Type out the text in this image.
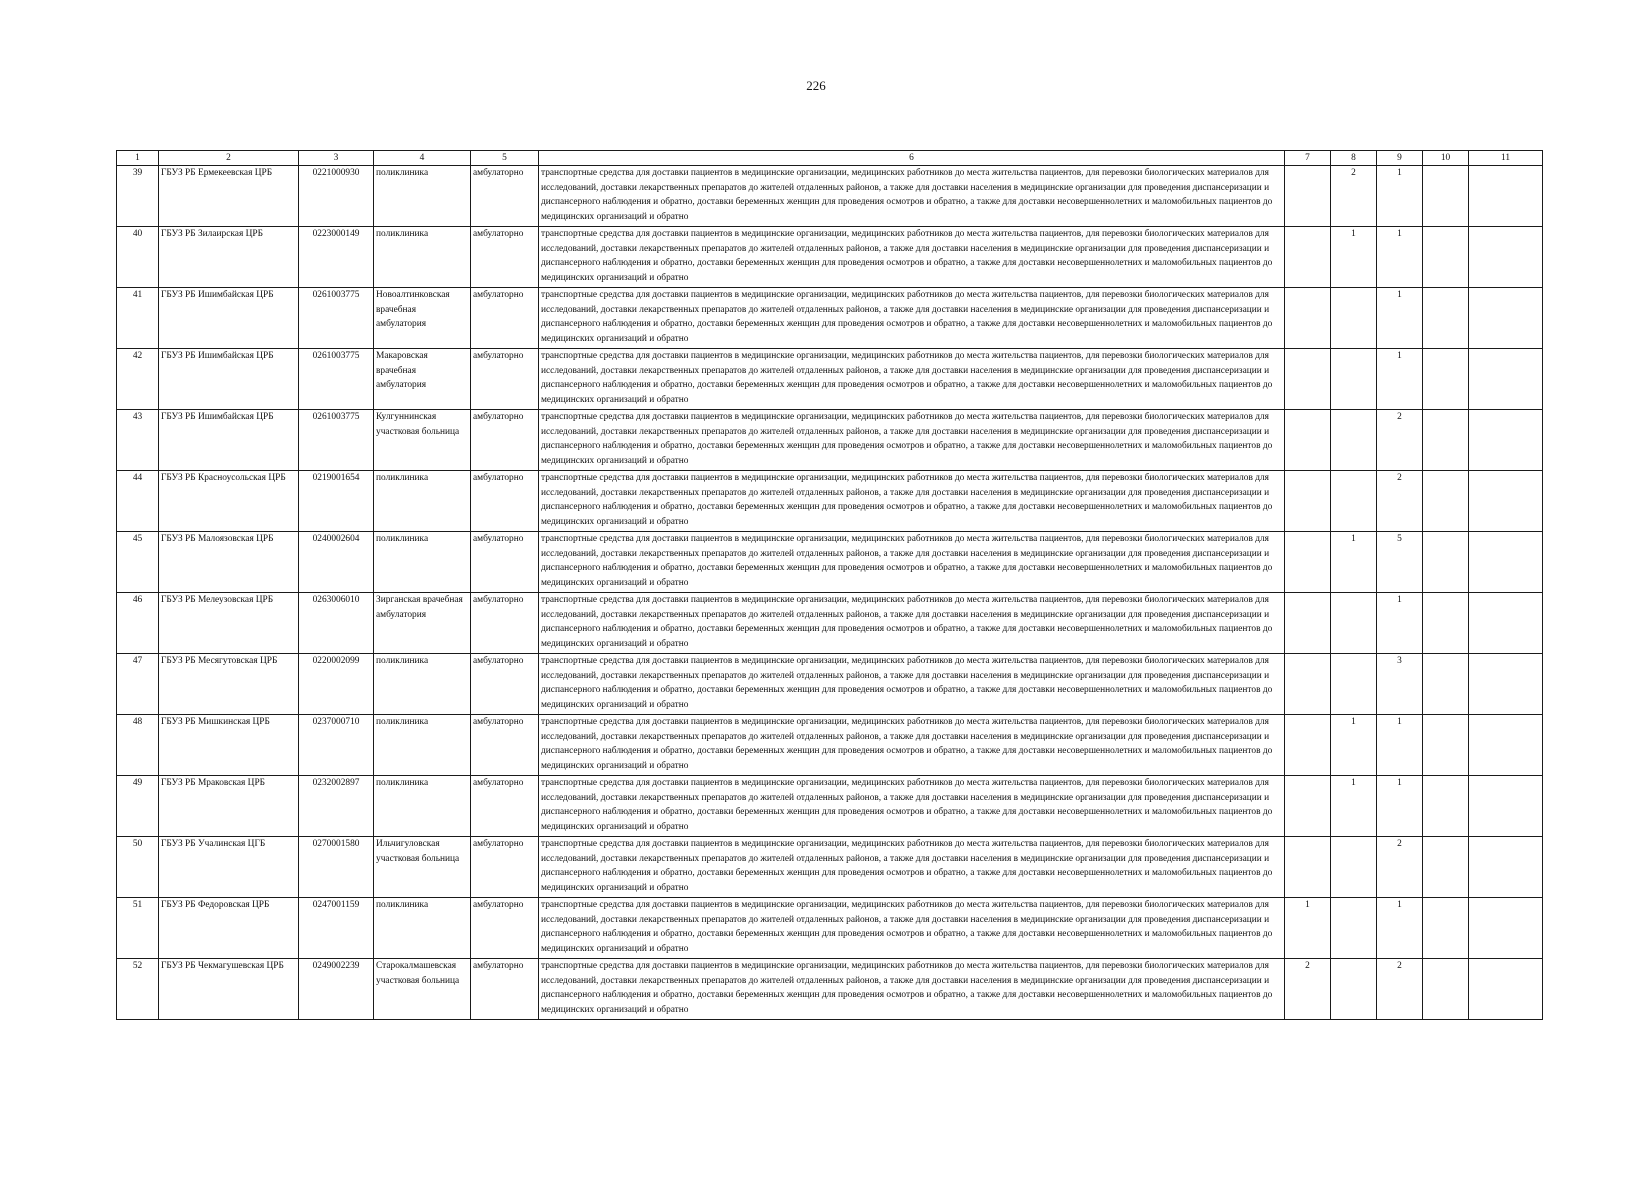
226
1	2	3	4	5	6	7	8	9	10	11
39	ГБУЗ РБ Ермекеевская ЦРБ	0221000930	поликлиника	амбулаторно	транспортные средства для доставки пациентов в медицинские организации, медицинских работников до места жительства пациентов, для перевозки биологических материалов для исследований, доставки лекарственных препаратов до жителей отдаленных районов, а также для доставки населения в медицинские организации для проведения диспансеризации и диспансерного наблюдения и обратно, доставки беременных женщин для проведения осмотров и обратно, а также для доставки несовершеннолетних и маломобильных пациентов до медицинских организаций и обратно		2	1		
40	ГБУЗ РБ Зилаирская ЦРБ	0223000149	поликлиника	амбулаторно	транспортные средства для доставки пациентов в медицинские организации, медицинских работников до места жительства пациентов, для перевозки биологических материалов для исследований, доставки лекарственных препаратов до жителей отдаленных районов, а также для доставки населения в медицинские организации для проведения диспансеризации и диспансерного наблюдения и обратно, доставки беременных женщин для проведения осмотров и обратно, а также для доставки несовершеннолетних и маломобильных пациентов до медицинских организаций и обратно		1	1		
41	ГБУЗ РБ Ишимбайская ЦРБ	0261003775	Новоалтинковская врачебная амбулатория	амбулаторно	транспортные средства для доставки пациентов в медицинские организации, медицинских работников до места жительства пациентов, для перевозки биологических материалов для исследований, доставки лекарственных препаратов до жителей отдаленных районов, а также для доставки населения в медицинские организации для проведения диспансеризации и диспансерного наблюдения и обратно, доставки беременных женщин для проведения осмотров и обратно, а также для доставки несовершеннолетних и маломобильных пациентов до медицинских организаций и обратно			1		
42	ГБУЗ РБ Ишимбайская ЦРБ	0261003775	Макаровская врачебная амбулатория	амбулаторно	транспортные средства для доставки пациентов в медицинские организации, медицинских работников до места жительства пациентов, для перевозки биологических материалов для исследований, доставки лекарственных препаратов до жителей отдаленных районов, а также для доставки населения в медицинские организации для проведения диспансеризации и диспансерного наблюдения и обратно, доставки беременных женщин для проведения осмотров и обратно, а также для доставки несовершеннолетних и маломобильных пациентов до медицинских организаций и обратно			1		
43	ГБУЗ РБ Ишимбайская ЦРБ	0261003775	Кулгуннинская участковая больница	амбулаторно	транспортные средства для доставки пациентов в медицинские организации, медицинских работников до места жительства пациентов, для перевозки биологических материалов для исследований, доставки лекарственных препаратов до жителей отдаленных районов, а также для доставки населения в медицинские организации для проведения диспансеризации и диспансерного наблюдения и обратно, доставки беременных женщин для проведения осмотров и обратно, а также для доставки несовершеннолетних и маломобильных пациентов до медицинских организаций и обратно			2		
44	ГБУЗ РБ Красноусольская ЦРБ	0219001654	поликлиника	амбулаторно	транспортные средства для доставки пациентов в медицинские организации, медицинских работников до места жительства пациентов, для перевозки биологических материалов для исследований, доставки лекарственных препаратов до жителей отдаленных районов, а также для доставки населения в медицинские организации для проведения диспансеризации и диспансерного наблюдения и обратно, доставки беременных женщин для проведения осмотров и обратно, а также для доставки несовершеннолетних и маломобильных пациентов до медицинских организаций и обратно			2		
45	ГБУЗ РБ Малоязовская ЦРБ	0240002604	поликлиника	амбулаторно	транспортные средства для доставки пациентов в медицинские организации, медицинских работников до места жительства пациентов, для перевозки биологических материалов для исследований, доставки лекарственных препаратов до жителей отдаленных районов, а также для доставки населения в медицинские организации для проведения диспансеризации и диспансерного наблюдения и обратно, доставки беременных женщин для проведения осмотров и обратно, а также для доставки несовершеннолетних и маломобильных пациентов до медицинских организаций и обратно		1	5		
46	ГБУЗ РБ Мелеузовская ЦРБ	0263006010	Зирганская врачебная амбулатория	амбулаторно	транспортные средства для доставки пациентов в медицинские организации, медицинских работников до места жительства пациентов, для перевозки биологических материалов для исследований, доставки лекарственных препаратов до жителей отдаленных районов, а также для доставки населения в медицинские организации для проведения диспансеризации и диспансерного наблюдения и обратно, доставки беременных женщин для проведения осмотров и обратно, а также для доставки несовершеннолетних и маломобильных пациентов до медицинских организаций и обратно			1		
47	ГБУЗ РБ Месягутовская ЦРБ	0220002099	поликлиника	амбулаторно	транспортные средства для доставки пациентов в медицинские организации, медицинских работников до места жительства пациентов, для перевозки биологических материалов для исследований, доставки лекарственных препаратов до жителей отдаленных районов, а также для доставки населения в медицинские организации для проведения диспансеризации и диспансерного наблюдения и обратно, доставки беременных женщин для проведения осмотров и обратно, а также для доставки несовершеннолетних и маломобильных пациентов до медицинских организаций и обратно			3		
48	ГБУЗ РБ Мишкинская ЦРБ	0237000710	поликлиника	амбулаторно	транспортные средства для доставки пациентов в медицинские организации, медицинских работников до места жительства пациентов, для перевозки биологических материалов для исследований, доставки лекарственных препаратов до жителей отдаленных районов, а также для доставки населения в медицинские организации для проведения диспансеризации и диспансерного наблюдения и обратно, доставки беременных женщин для проведения осмотров и обратно, а также для доставки несовершеннолетних и маломобильных пациентов до медицинских организаций и обратно		1	1		
49	ГБУЗ РБ Мраковская ЦРБ	0232002897	поликлиника	амбулаторно	транспортные средства для доставки пациентов в медицинские организации, медицинских работников до места жительства пациентов, для перевозки биологических материалов для исследований, доставки лекарственных препаратов до жителей отдаленных районов, а также для доставки населения в медицинские организации для проведения диспансеризации и диспансерного наблюдения и обратно, доставки беременных женщин для проведения осмотров и обратно, а также для доставки несовершеннолетних и маломобильных пациентов до медицинских организаций и обратно		1	1		
50	ГБУЗ РБ Учалинская ЦГБ	0270001580	Ильчигуловская участковая больница	амбулаторно	транспортные средства для доставки пациентов в медицинские организации, медицинских работников до места жительства пациентов, для перевозки биологических материалов для исследований, доставки лекарственных препаратов до жителей отдаленных районов, а также для доставки населения в медицинские организации для проведения диспансеризации и диспансерного наблюдения и обратно, доставки беременных женщин для проведения осмотров и обратно, а также для доставки несовершеннолетних и маломобильных пациентов до медицинских организаций и обратно			2		
51	ГБУЗ РБ Федоровская ЦРБ	0247001159	поликлиника	амбулаторно	транспортные средства для доставки пациентов в медицинские организации, медицинских работников до места жительства пациентов, для перевозки биологических материалов для исследований, доставки лекарственных препаратов до жителей отдаленных районов, а также для доставки населения в медицинские организации для проведения диспансеризации и диспансерного наблюдения и обратно, доставки беременных женщин для проведения осмотров и обратно, а также для доставки несовершеннолетних и маломобильных пациентов до медицинских организаций и обратно	1		1		
52	ГБУЗ РБ Чекмагушевская ЦРБ	0249002239	Старокалмашевская участковая больница	амбулаторно	транспортные средства для доставки пациентов в медицинские организации, медицинских работников до места жительства пациентов, для перевозки биологических материалов для исследований, доставки лекарственных препаратов до жителей отдаленных районов, а также для доставки населения в медицинские организации для проведения диспансеризации и диспансерного наблюдения и обратно, доставки беременных женщин для проведения осмотров и обратно, а также для доставки несовершеннолетних и маломобильных пациентов до медицинских организаций и обратно	2		2		
